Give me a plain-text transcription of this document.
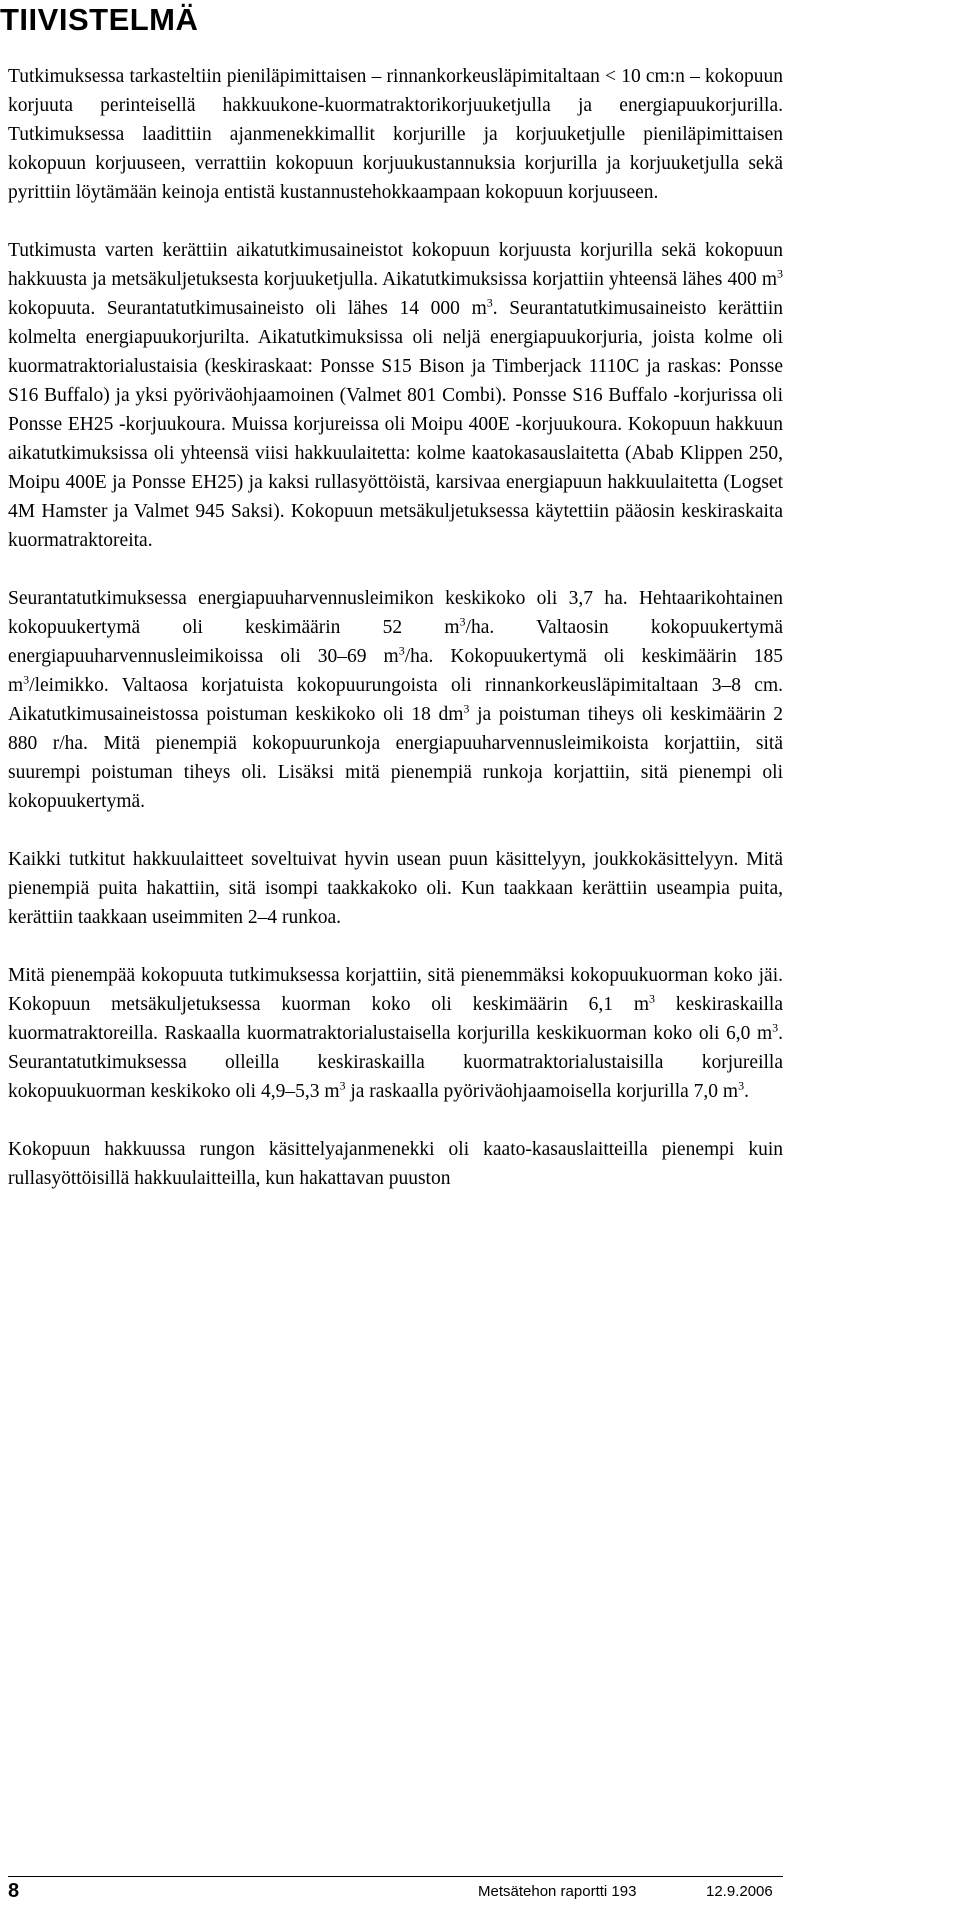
TIIVISTELMÄ

Tutkimuksessa tarkasteltiin pieniläpimittaisen – rinnankorkeusläpimitaltaan < 10 cm:n – kokopuun korjuuta perinteisellä hakkuukone-kuormatraktorikorjuuketjulla ja energiapuukorjurilla. Tutkimuksessa laadittiin ajanmenekkimallit korjurille ja korjuuketjulle pieniläpimittaisen kokopuun korjuuseen, verrattiin kokopuun korjuukustannuksia korjurilla ja korjuuketjulla sekä pyrittiin löytämään keinoja entistä kustannustehokkaampaan kokopuun korjuuseen.

Tutkimusta varten kerättiin aikatutkimusaineistot kokopuun korjuusta korjurilla sekä kokopuun hakkuusta ja metsäkuljetuksesta korjuuketjulla. Aikatutkimuksissa korjattiin yhteensä lähes 400 $m^3$ kokopuuta. Seurantatutkimusaineisto oli lähes 14 000 $m^3$. Seurantatutkimusaineisto kerättiin kolmelta energiapuukorjurilta. Aikatutkimuksissa oli neljä energiapuukorjuria, joista kolme oli kuormatraktorialustaisia (keskiraskaat: Ponsse S15 Bison ja Timberjack 1110C ja raskas: Ponsse S16 Buffalo) ja yksi pyöriväohjaamoinen (Valmet 801 Combi). Ponsse S16 Buffalo -korjurissa oli Ponsse EH25 -korjuukoura. Muissa korjureissa oli Moipu 400E -korjuukoura. Kokopuun hakkuun aikatutkimuksissa oli yhteensä viisi hakkuulaitetta: kolme kaatokasauslaitetta (Abab Klippen 250, Moipu 400E ja Ponsse EH25) ja kaksi rullasyöttöistä, karsivaa energiapuun hakkuulaitetta (Logset 4M Hamster ja Valmet 945 Saksi). Kokopuun metsäkuljetuksessa käytettiin pääosin keskiraskaita kuormatraktoreita.

Seurantatutkimuksessa energiapuuharvennusleimikon keskikoko oli 3,7 ha. Hehtaarikohtainen kokopuukertymä oli keskimäärin 52 $m^3/ha$. Valtaosin kokopuukertymä energiapuuharvennusleimikoissa oli 30–69 $m^3/ha$. Kokopuukertymä oli keskimäärin 185 $m^3$/leimikko. Valtaosa korjatuista kokopuurungoista oli rinnankorkeusläpimitaltaan 3–8 cm. Aikatutkimusaineistossa poistuman keskikoko oli 18 $dm^3$ ja poistuman tiheys oli keskimäärin 2 880 r/ha. Mitä pienempiä kokopuurunkoja energiapuuharvennusleimikoista korjattiin, sitä suurempi poistuman tiheys oli. Lisäksi mitä pienempiä runkoja korjattiin, sitä pienempi oli kokopuukertymä.

Kaikki tutkitut hakkuulaitteet soveltuivat hyvin usean puun käsittelyyn, joukkokäsittelyyn. Mitä pienempiä puita hakattiin, sitä isompi taakkakoko oli. Kun taakkaan kerättiin useampia puita, kerättiin taakkaan useimmiten 2–4 runkoa.

Mitä pienempää kokopuuta tutkimuksessa korjattiin, sitä pienemmäksi kokopuukuorman koko jäi. Kokopuun metsäkuljetuksessa kuorman koko oli keskimäärin 6,1 $m^3$ keskiraskailla kuormatraktoreilla. Raskaalla kuormatraktorialustaisella korjurilla keskikuorman koko oli 6,0 $m^3$. Seurantatutkimuksessa olleilla keskiraskailla kuormatraktorialustaisilla korjureilla kokopuukuorman keskikoko oli 4,9–5,3 $m^3$ ja raskaalla pyöriväohjaamoisella korjurilla 7,0 $m^3$.

Kokopuun hakkuussa rungon käsittelyajanmenekki oli kaato-kasauslaitteilla pienempi kuin rullasyöttöisillä hakkuulaitteilla, kun hakattavan puuston

8	Metsätehon raportti 193	12.9.2006
